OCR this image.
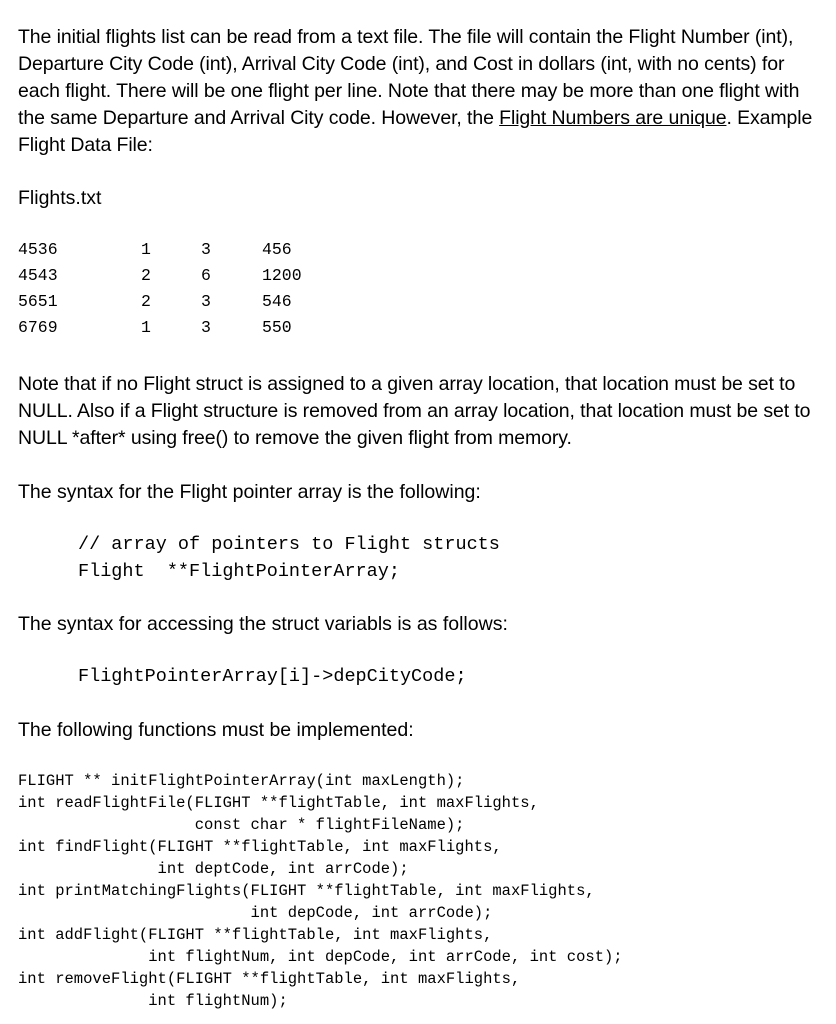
The initial flights list can be read from a text file. The file will contain the Flight Number (int), Departure City Code (int), Arrival City Code (int), and Cost in dollars (int, with no cents) for each flight. There will be one flight per line. Note that there may be more than one flight with the same Departure and Arrival City code. However, the Flight Numbers are unique. Example Flight Data File:

Flights.txt

4536	1	3	456
4543	2	6	1200
5651	2	3	546
6769	1	3	550

Note that if no Flight struct is assigned to a given array location, that location must be set to NULL. Also if a Flight structure is removed from an array location, that location must be set to NULL *after* using free() to remove the given flight from memory.

The syntax for the Flight pointer array is the following:

// array of pointers to Flight structs
Flight  **FlightPointerArray;

The syntax for accessing the struct variabls is as follows:

FlightPointerArray[i]->depCityCode;

The following functions must be implemented:

FLIGHT ** initFlightPointerArray(int maxLength);
int readFlightFile(FLIGHT **flightTable, int maxFlights,
const char * flightFileName);
int findFlight(FLIGHT **flightTable, int maxFlights,
int deptCode, int arrCode);
int printMatchingFlights(FLIGHT **flightTable, int maxFlights,
int depCode, int arrCode);
int addFlight(FLIGHT **flightTable, int maxFlights,
int flightNum, int depCode, int arrCode, int cost);
int removeFlight(FLIGHT **flightTable, int maxFlights,
int flightNum);
